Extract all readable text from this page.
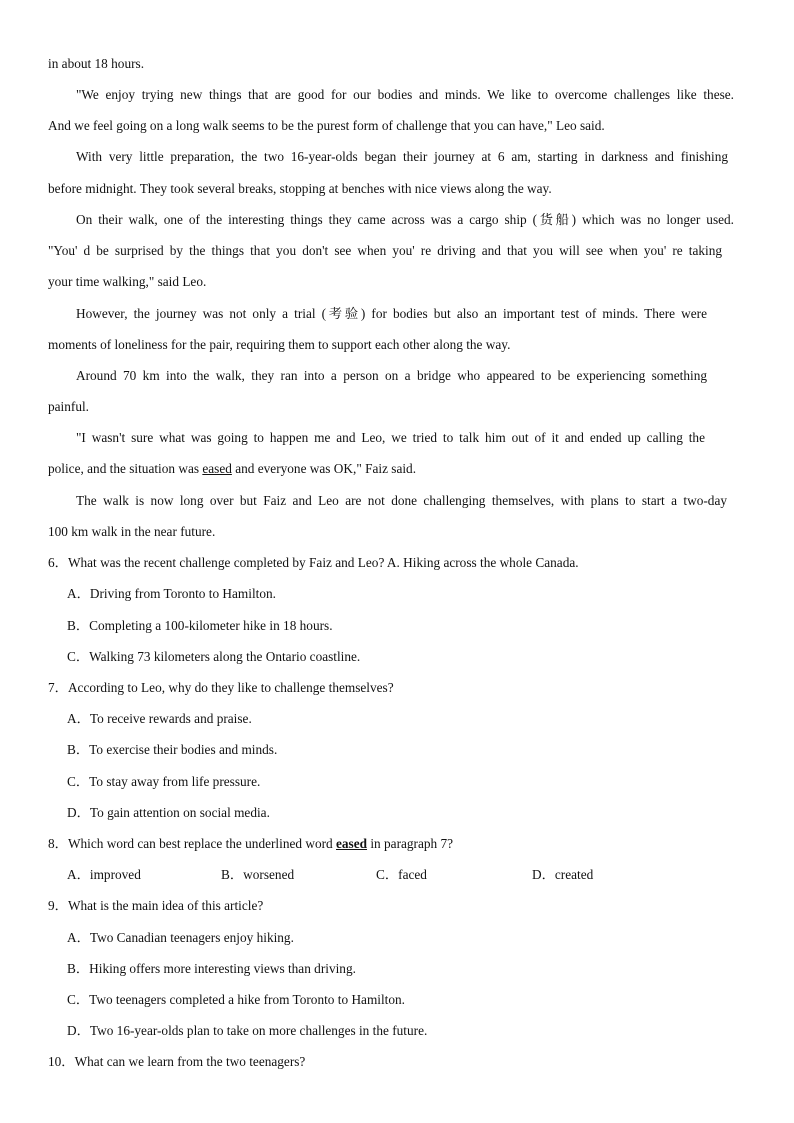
in about 18 hours.
"We enjoy trying new things that are good for our bodies and minds. We like to overcome challenges like these.
And we feel going on a long walk seems to be the purest form of challenge that you can have," Leo said.
With very little preparation, the two 16-year-olds began their journey at 6 am, starting in darkness and finishing
before midnight. They took several breaks, stopping at benches with nice views along the way.
On their walk, one of the interesting things they came across was a cargo ship (货船) which was no longer used.
"You' d be surprised by the things that you don't see when you' re driving and that you will see when you' re taking
your time walking," said Leo.
However, the journey was not only a trial (考验) for bodies but also an important test of minds. There were
moments of loneliness for the pair, requiring them to support each other along the way.
Around 70 km into the walk, they ran into a person on a bridge who appeared to be experiencing something
painful.
"I wasn't sure what was going to happen me and Leo, we tried to talk him out of it and ended up calling the
police, and the situation was eased and everyone was OK," Faiz said.
The walk is now long over but Faiz and Leo are not done challenging themselves, with plans to start a two-day
100 km walk in the near future.
6．What was the recent challenge completed by Faiz and Leo? A. Hiking across the whole Canada.
A．Driving from Toronto to Hamilton.
B．Completing a 100-kilometer hike in 18 hours.
C．Walking 73 kilometers along the Ontario coastline.
7．According to Leo, why do they like to challenge themselves?
A．To receive rewards and praise.
B．To exercise their bodies and minds.
C．To stay away from life pressure.
D．To gain attention on social media.
8．Which word can best replace the underlined word eased in paragraph 7?
A．improved	B．worsened	C．faced	D．created
9．What is the main idea of this article?
A．Two Canadian teenagers enjoy hiking.
B．Hiking offers more interesting views than driving.
C．Two teenagers completed a hike from Toronto to Hamilton.
D．Two 16-year-olds plan to take on more challenges in the future.
10．What can we learn from the two teenagers?
